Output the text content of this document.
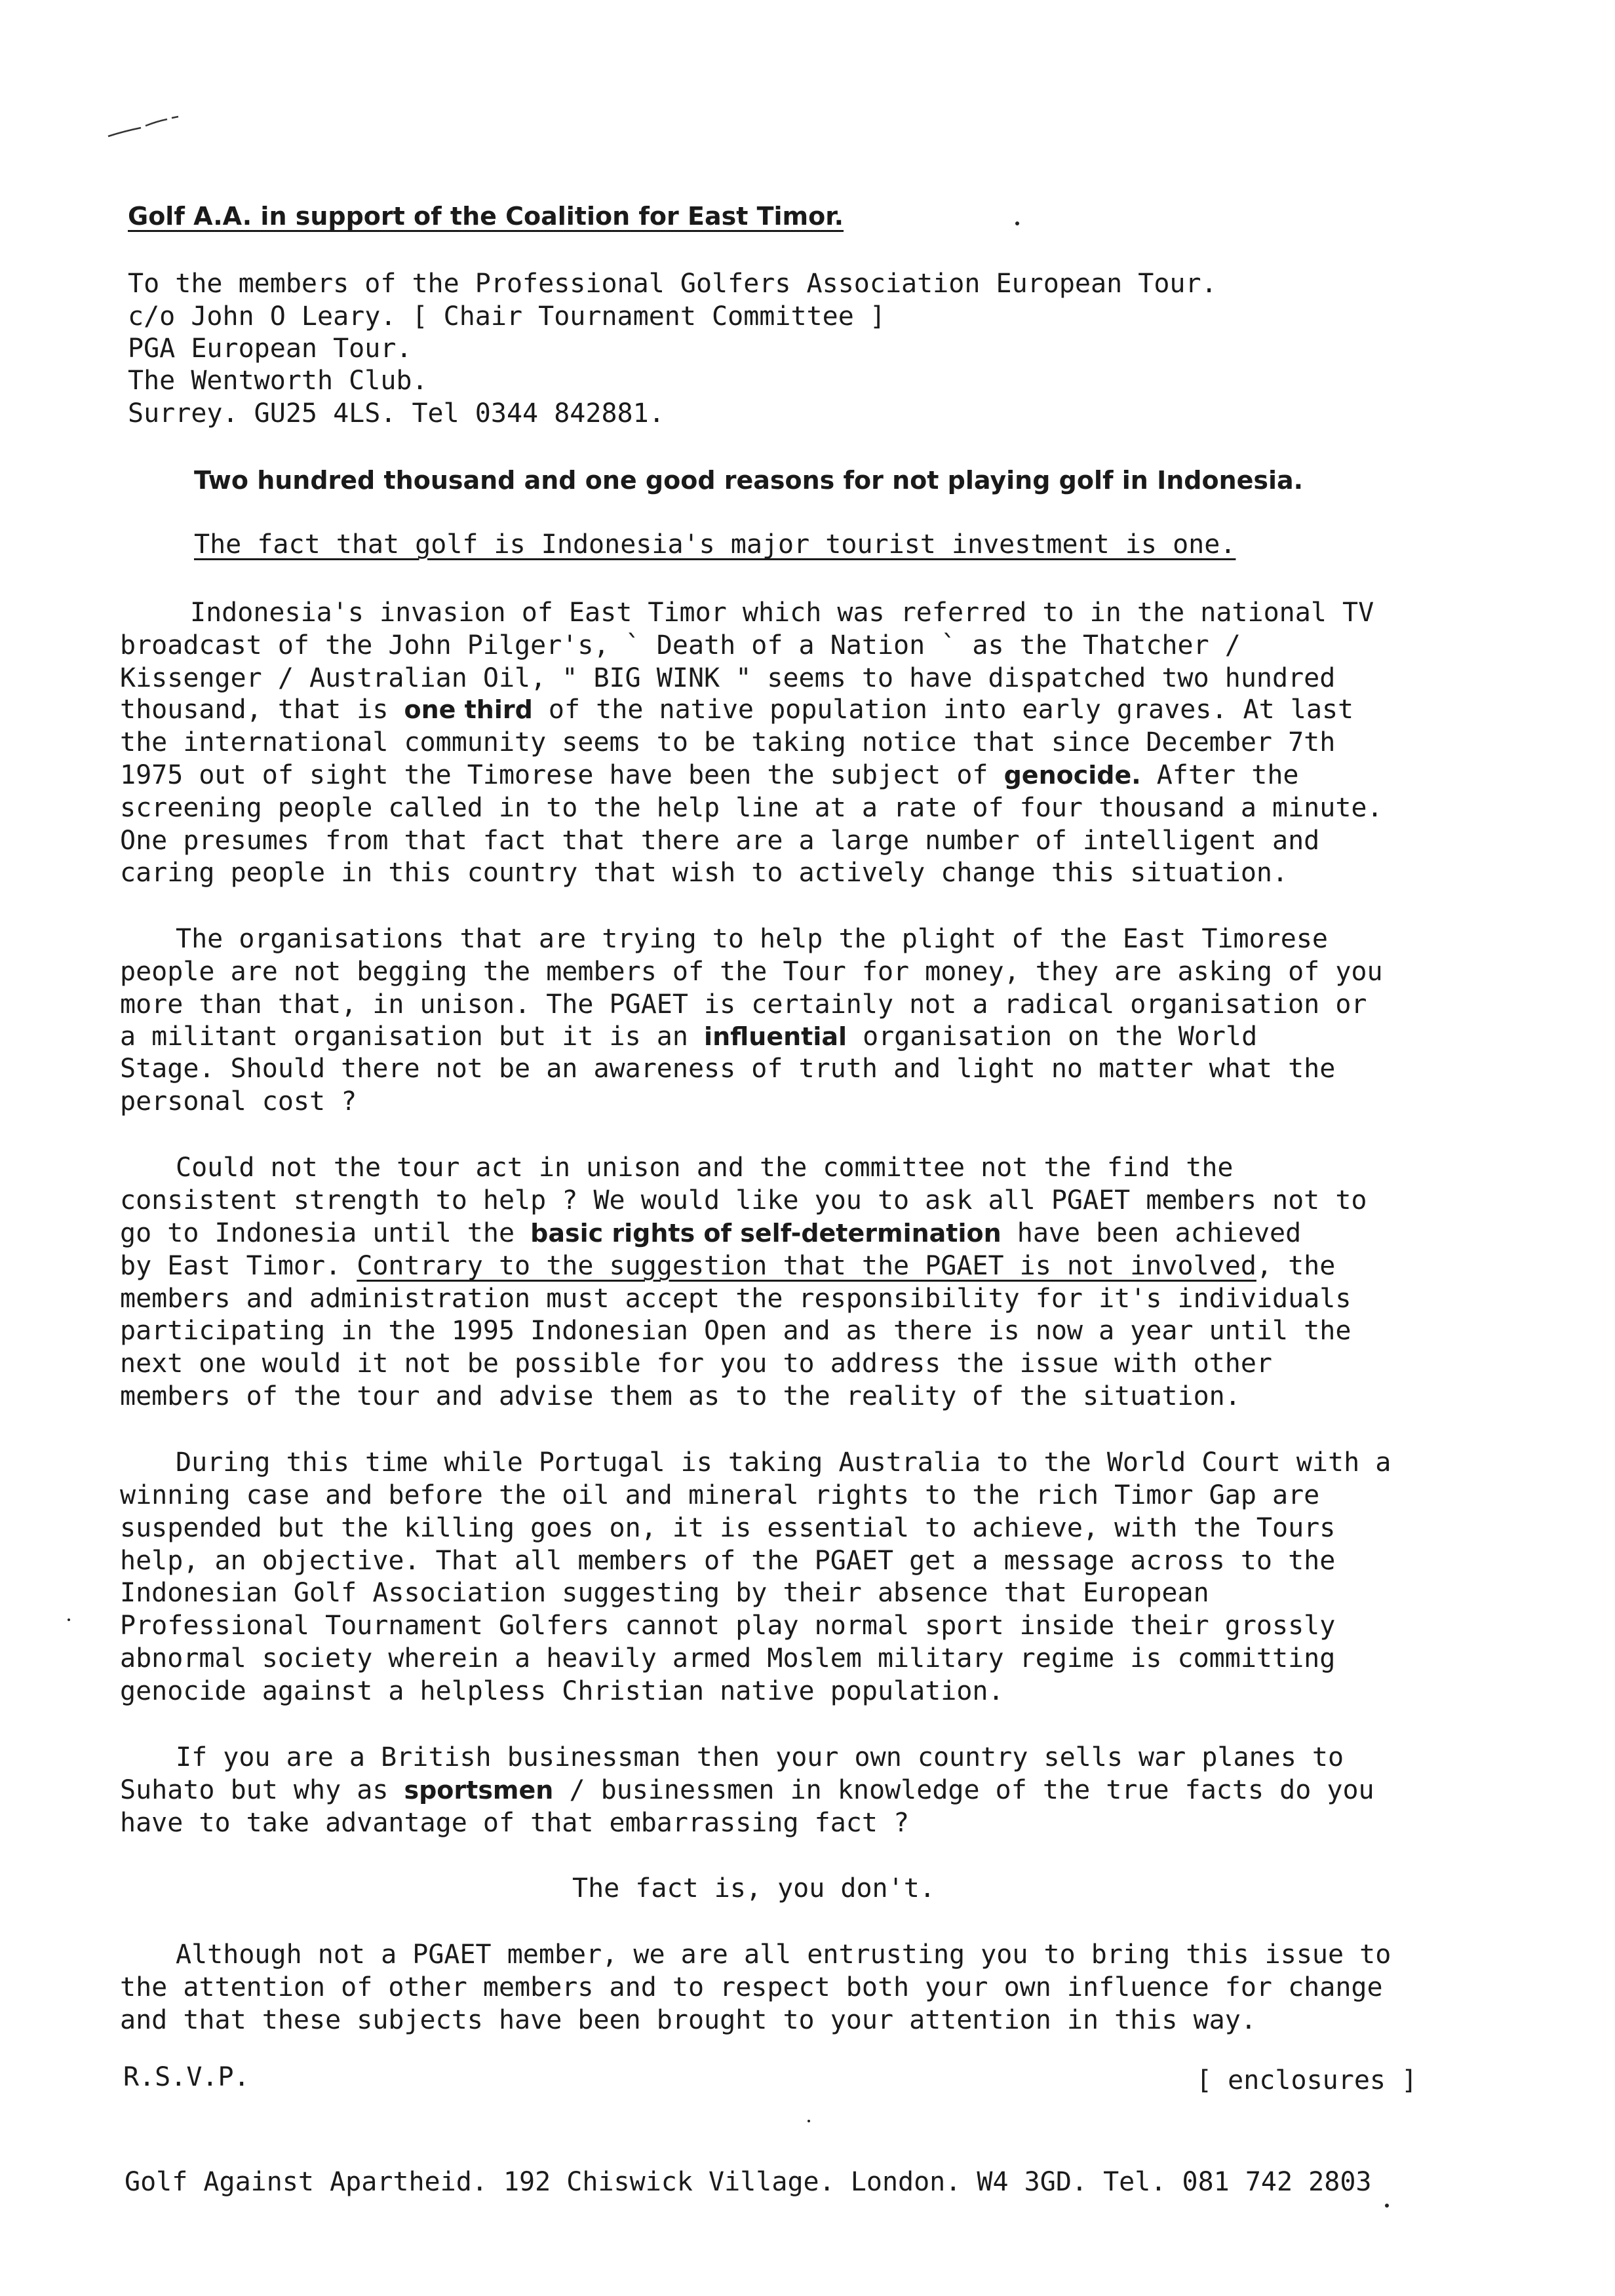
Golf A.A. in support of the Coalition for East Timor.
To the members of the Professional Golfers Association European Tour.
c/o John O Leary. [ Chair Tournament Committee ]
PGA European Tour.
The Wentworth Club.
Surrey. GU25 4LS. Tel 0344 842881.
Two hundred thousand and one good reasons for not playing golf in Indonesia.
The fact that golf is Indonesia's major tourist investment is one.
Indonesia's invasion of East Timor which was referred to in the national TV
broadcast of the John Pilger's, ` Death of a Nation ` as the Thatcher /
Kissenger / Australian Oil, " BIG WINK " seems to have dispatched two hundred
thousand, that is one third of the native population into early graves. At last
the international community seems to be taking notice that since December 7th
1975 out of sight the Timorese have been the subject of genocide. After the
screening people called in to the help line at a rate of four thousand a minute.
One presumes from that fact that there are a large number of intelligent and
caring people in this country that wish to actively change this situation.
The organisations that are trying to help the plight of the East Timorese
people are not begging the members of the Tour for money, they are asking of you
more than that, in unison. The PGAET is certainly not a radical organisation or
a militant organisation but it is an influential organisation on the World
Stage. Should there not be an awareness of truth and light no matter what the
personal cost ?
Could not the tour act in unison and the committee not the find the
consistent strength to help ? We would like you to ask all PGAET members not to
go to Indonesia until the basic rights of self-determination have been achieved
by East Timor. Contrary to the suggestion that the PGAET is not involved, the
members and administration must accept the responsibility for it's individuals
participating in the 1995 Indonesian Open and as there is now a year until the
next one would it not be possible for you to address the issue with other
members of the tour and advise them as to the reality of the situation.
During this time while Portugal is taking Australia to the World Court with a
winning case and before the oil and mineral rights to the rich Timor Gap are
suspended but the killing goes on, it is essential to achieve, with the Tours
help, an objective. That all members of the PGAET get a message across to the
Indonesian Golf Association suggesting by their absence that European
Professional Tournament Golfers cannot play normal sport inside their grossly
abnormal society wherein a heavily armed Moslem military regime is committing
genocide against a helpless Christian native population.
If you are a British businessman then your own country sells war planes to
Suhato but why as sportsmen / businessmen in knowledge of the true facts do you
have to take advantage of that embarrassing fact ?
The fact is, you don't.
Although not a PGAET member, we are all entrusting you to bring this issue to
the attention of other members and to respect both your own influence for change
and that these subjects have been brought to your attention in this way.
R.S.V.P.	[ enclosures ]
Golf Against Apartheid. 192 Chiswick Village. London. W4 3GD. Tel. 081 742 2803
